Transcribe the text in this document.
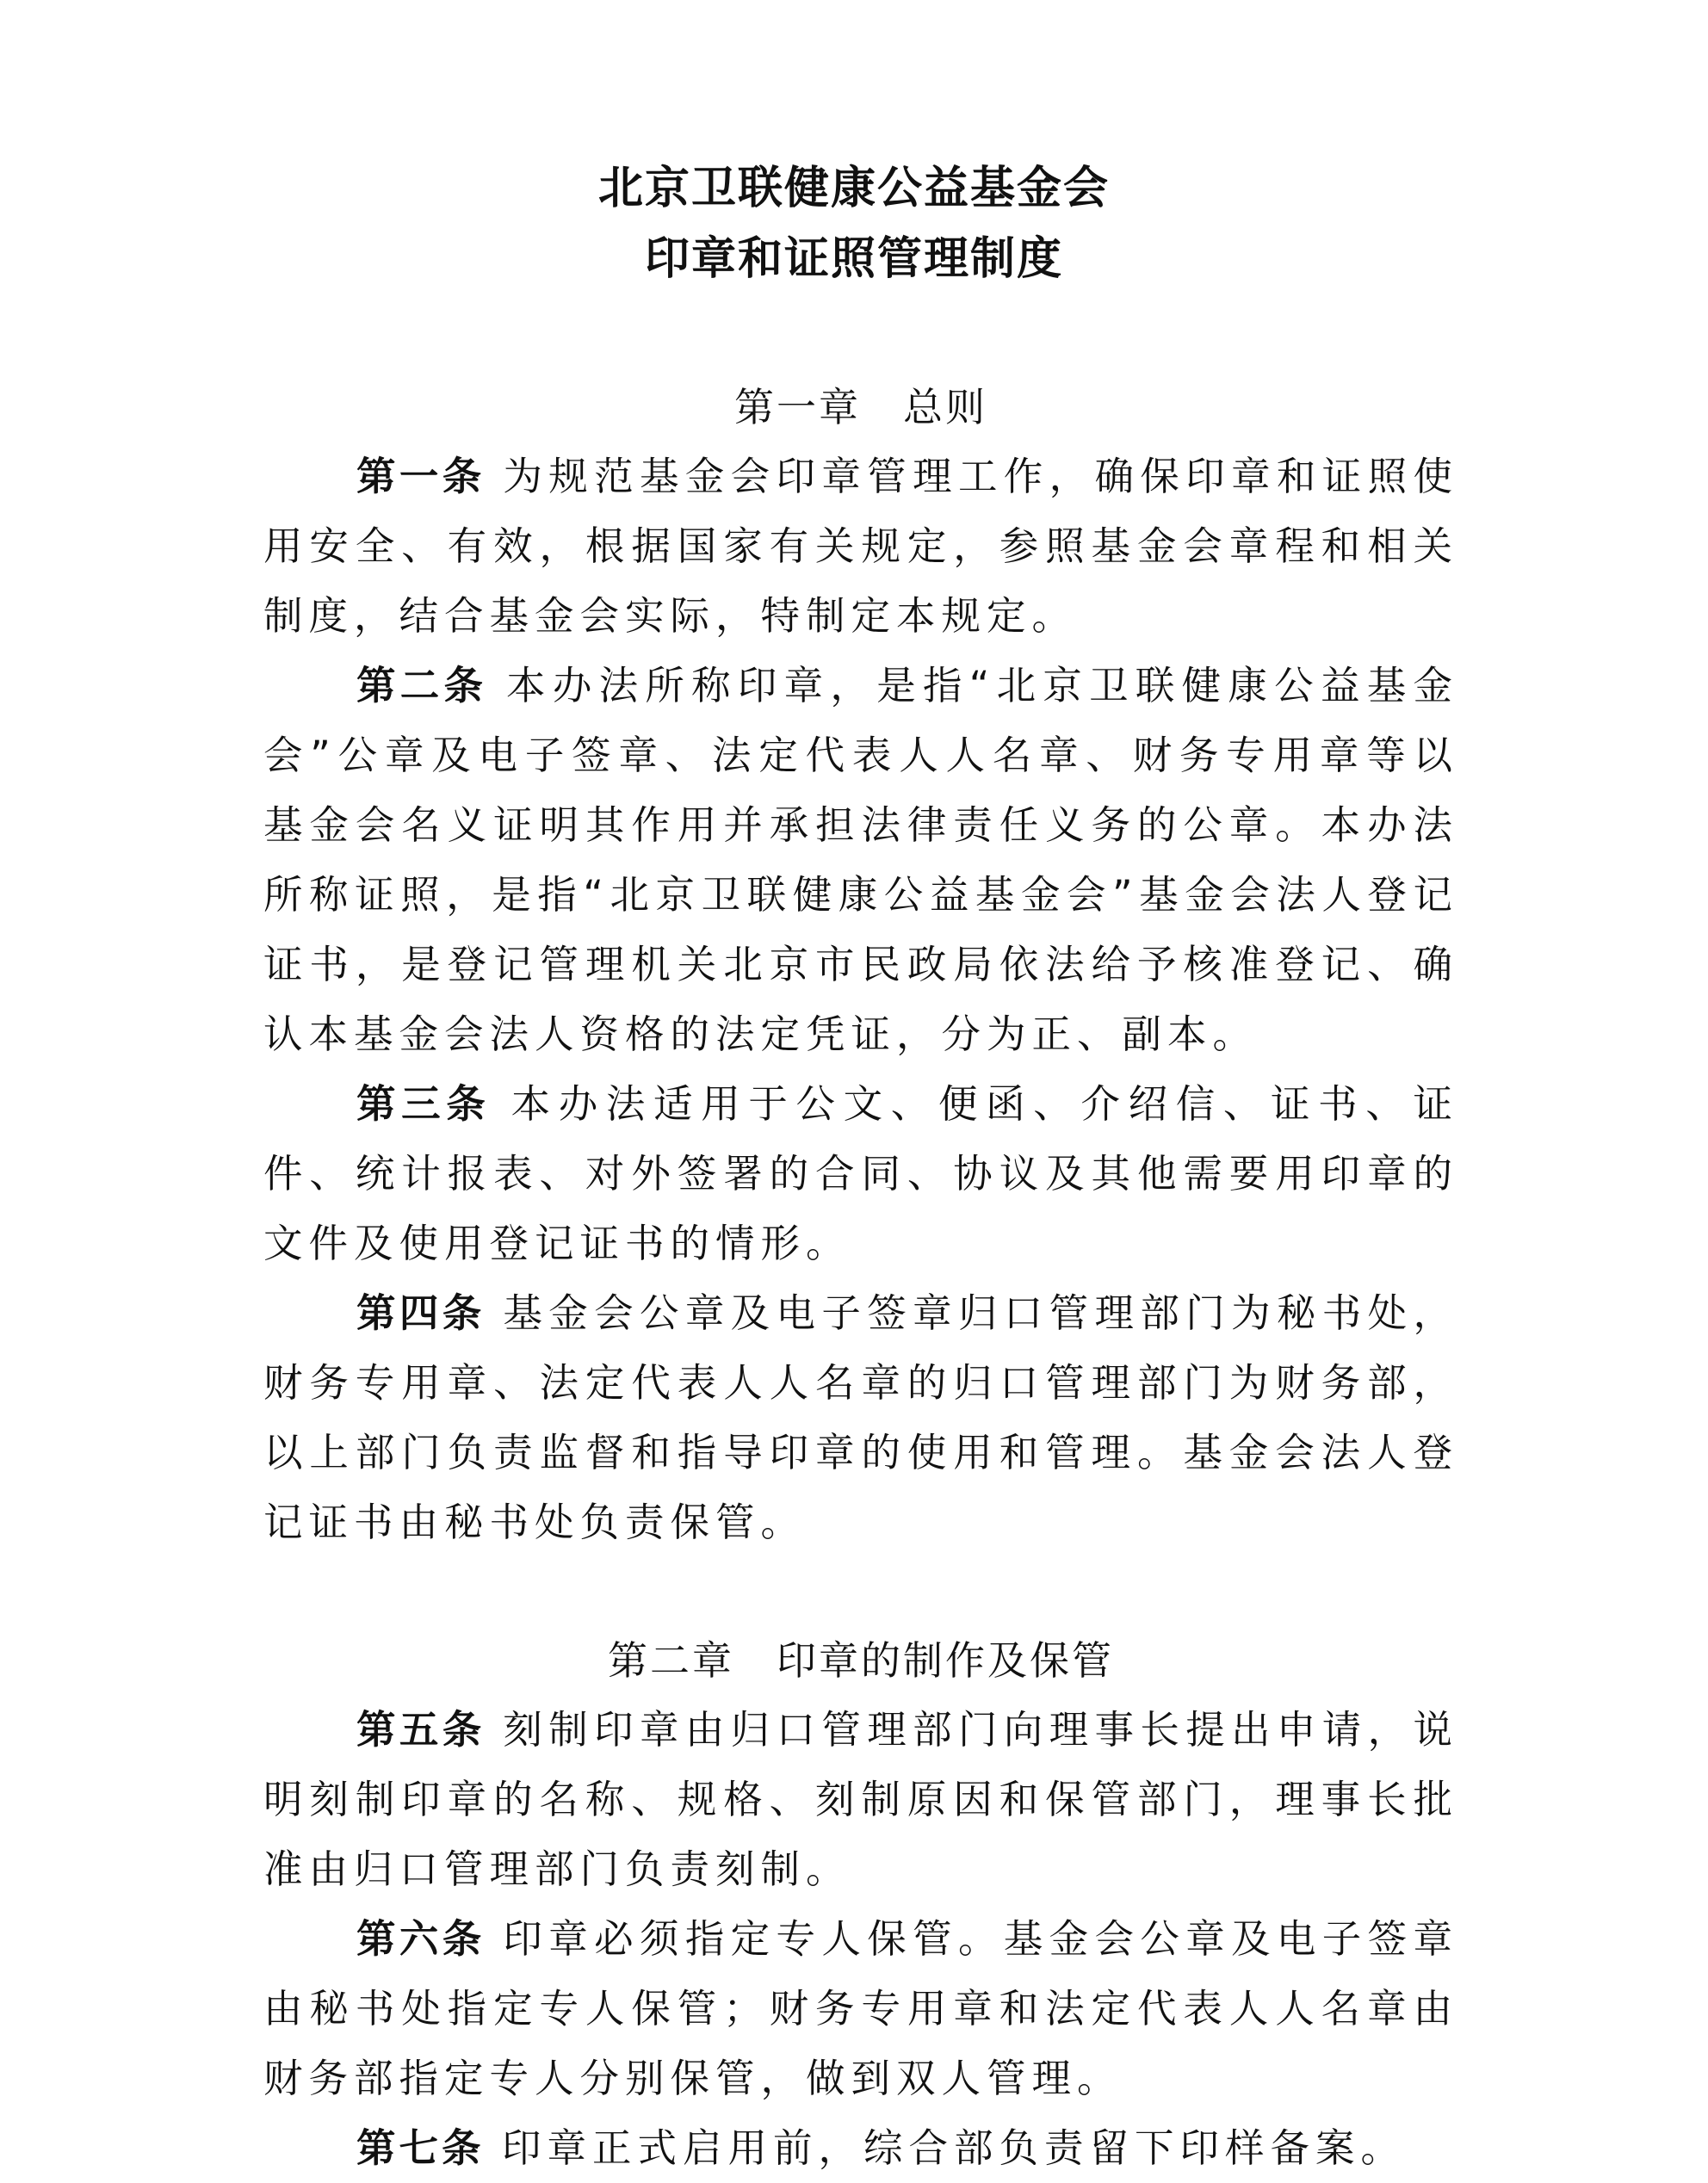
北京卫联健康公益基金会
印章和证照管理制度
第一章　总则

第一条 为规范基金会印章管理工作，确保印章和证照使用安全、有效，根据国家有关规定，参照基金会章程和相关制度，结合基金会实际，特制定本规定。

第二条 本办法所称印章，是指“北京卫联健康公益基金会”公章及电子签章、法定代表人人名章、财务专用章等以基金会名义证明其作用并承担法律责任义务的公章。本办法所称证照，是指“北京卫联健康公益基金会”基金会法人登记证书，是登记管理机关北京市民政局依法给予核准登记、确认本基金会法人资格的法定凭证，分为正、副本。

第三条 本办法适用于公文、便函、介绍信、证书、证件、统计报表、对外签署的合同、协议及其他需要用印章的文件及使用登记证书的情形。

第四条 基金会公章及电子签章归口管理部门为秘书处，财务专用章、法定代表人人名章的归口管理部门为财务部，以上部门负责监督和指导印章的使用和管理。基金会法人登记证书由秘书处负责保管。

第二章　印章的制作及保管

第五条 刻制印章由归口管理部门向理事长提出申请，说明刻制印章的名称、规格、刻制原因和保管部门，理事长批准由归口管理部门负责刻制。

第六条 印章必须指定专人保管。基金会公章及电子签章由秘书处指定专人保管；财务专用章和法定代表人人名章由财务部指定专人分别保管，做到双人管理。

第七条 印章正式启用前，综合部负责留下印样备案。
